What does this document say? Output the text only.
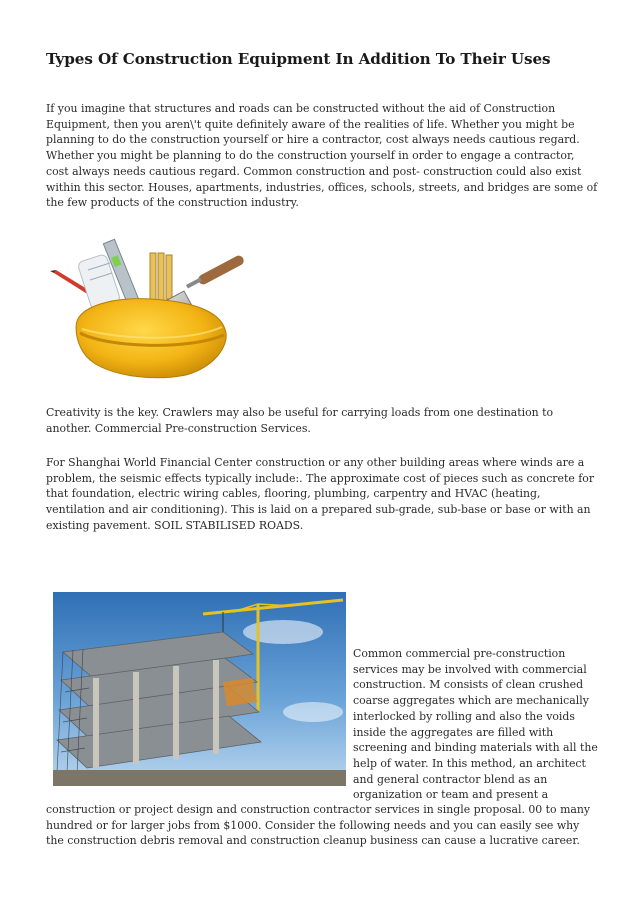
Types Of Construction Equipment In Addition To Their Uses

If you imagine that structures and roads can be constructed without the aid of Construction Equipment, then you aren\'t quite definitely aware of the realities of life. Whether you might be planning to do the construction yourself or hire a contractor, cost always needs cautious regard. Whether you might be planning to do the construction yourself in order to engage a contractor, cost always needs cautious regard. Common construction and post- construction could also exist within this sector. Houses, apartments, industries, offices, schools, streets, and bridges are some of the few products of the construction industry.

Creativity is the key. Crawlers may also be useful for carrying loads from one destination to another. Commercial Pre-construction Services.

For Shanghai World Financial Center construction or any other building areas where winds are a problem, the seismic effects typically include:. The approximate cost of pieces such as concrete for that foundation, electric wiring cables, flooring, plumbing, carpentry and HVAC (heating, ventilation and air conditioning). This is laid on a prepared sub-grade, sub-base or base or with an existing pavement. SOIL STABILISED ROADS.

Common commercial pre-construction services may be involved with commercial construction. M consists of clean crushed coarse aggregates which are mechanically interlocked by rolling and also the voids inside the aggregates are filled with screening and binding materials with all the help of water. In this method, an architect and general contractor blend as an organization or team and present a

construction or project design and construction contractor services in single proposal. 00 to many hundred or for larger jobs from $1000. Consider the following needs and you can easily see why the construction debris removal and construction cleanup business can cause a lucrative career.
